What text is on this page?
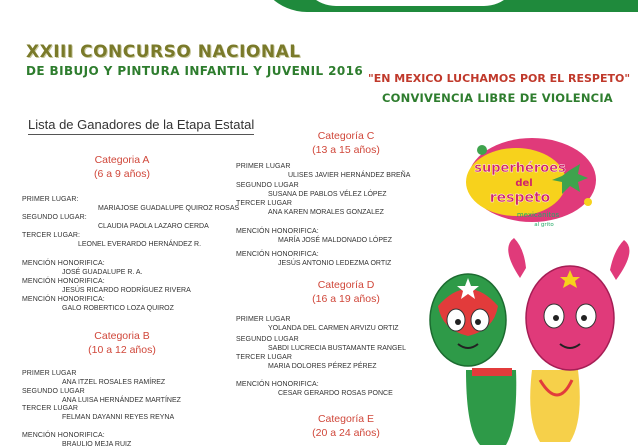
XXIII CONCURSO NACIONAL
DE BIBUJO Y PINTURA INFANTIL Y JUVENIL 2016
"EN MEXICO LUCHAMOS POR EL RESPETO"
CONVIVENCIA LIBRE DE VIOLENCIA
Lista de Ganadores de la Etapa Estatal
Categoria A
(6 a 9 años)
PRIMER LUGAR:
MARIAJOSE GUADALUPE QUIROZ ROSAS
SEGUNDO LUGAR:
CLAUDIA PAOLA LAZARO CERDA
TERCER LUGAR:
LEONEL EVERARDO HERNÁNDEZ R.
MENCIÓN HONORIFICA:
JOSÉ GUADALUPE R. A.
MENCIÓN HONORIFICA:
JESÚS RICARDO RODRÍGUEZ RIVERA
MENCIÓN HONORIFICA:
GALO ROBERTICO LOZA QUIROZ
Categoria B
(10 a 12 años)
PRIMER LUGAR
ANA ITZEL ROSALES RAMÍREZ
SEGUNDO LUGAR
ANA LUISA HERNÁNDEZ MARTÍNEZ
TERCER LUGAR
FELMAN DAYANNI REYES REYNA
MENCIÓN HONORIFICA:
BRAULIO MEJA RUIZ
Categoría C
(13 a 15 años)
PRIMER LUGAR
ULISES JAVIER HERNÁNDEZ BREÑA
SEGUNDO LUGAR
SUSANA DE PABLOS VÉLEZ LÓPEZ
TERCER LUGAR
ANA KAREN MORALES GONZALEZ
MENCIÓN HONORIFICA:
MARÍA JOSÉ MALDONADO LÓPEZ
MENCIÓN HONORIFICA:
JESÚS ANTONIO LEDEZMA ORTIZ
Categoría D
(16 a 19 años)
PRIMER LUGAR
YOLANDA DEL CARMEN ARVIZU ORTIZ
SEGUNDO LUGAR
SABDI LUCRECIA BUSTAMANTE RANGEL
TERCER LUGAR
MARIA DOLORES PÉREZ PÉREZ
MENCIÓN HONORIFICA:
CESAR GERARDO ROSAS PONCE
Categoría E
(20 a 24 años)
superhéroes
del
respeto
mexicanitos
al grito
